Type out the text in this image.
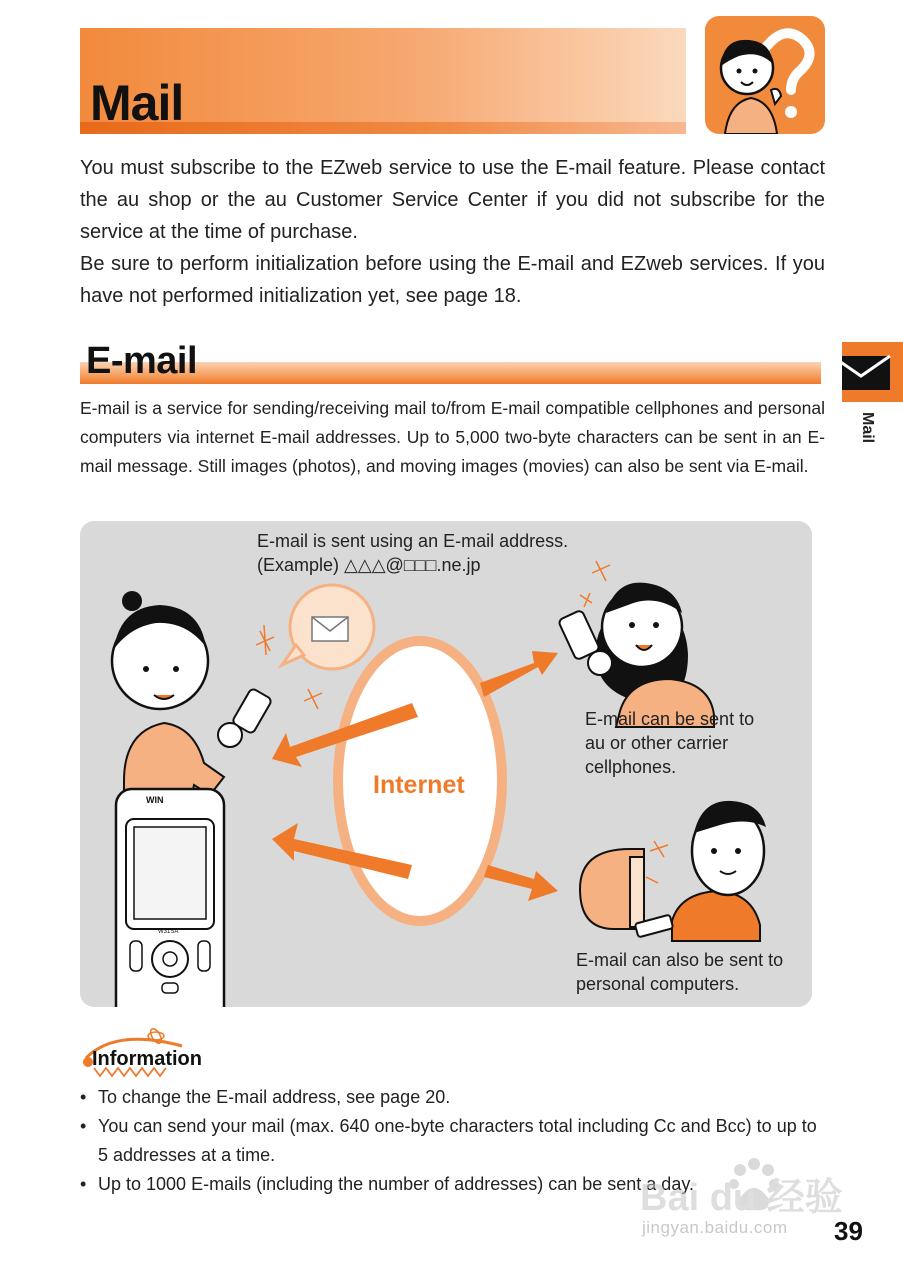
Mail

You must subscribe to the EZweb service to use the E-mail feature. Please contact the au shop or the au Customer Service Center if you did not subscribe for the service at the time of purchase.

Be sure to perform initialization before using the E-mail and EZweb services. If you have not performed initialization yet, see page 18.

E-mail
Mail
E-mail is a service for sending/receiving mail to/from E-mail compatible cellphones and personal computers via internet E-mail addresses. Up to 5,000 two-byte characters can be sent in an E-mail message. Still images (photos), and moving images (movies) can also be sent via E-mail.
E-mail is sent using an E-mail address.
(Example) △△△@□□□.ne.jp
Internet
E-mail can be sent to
au or other carrier
cellphones.
E-mail can also be sent to
personal computers.
WIN
W31SA
Information
• To change the E-mail address, see page 20.
• You can send your mail (max. 640 one-byte characters total including Cc and Bcc) to up to 5 addresses at a time.
• Up to 1000 E-mails (including the number of addresses) can be sent a day.
Bai du 经验
jingyan.baidu.com 39
